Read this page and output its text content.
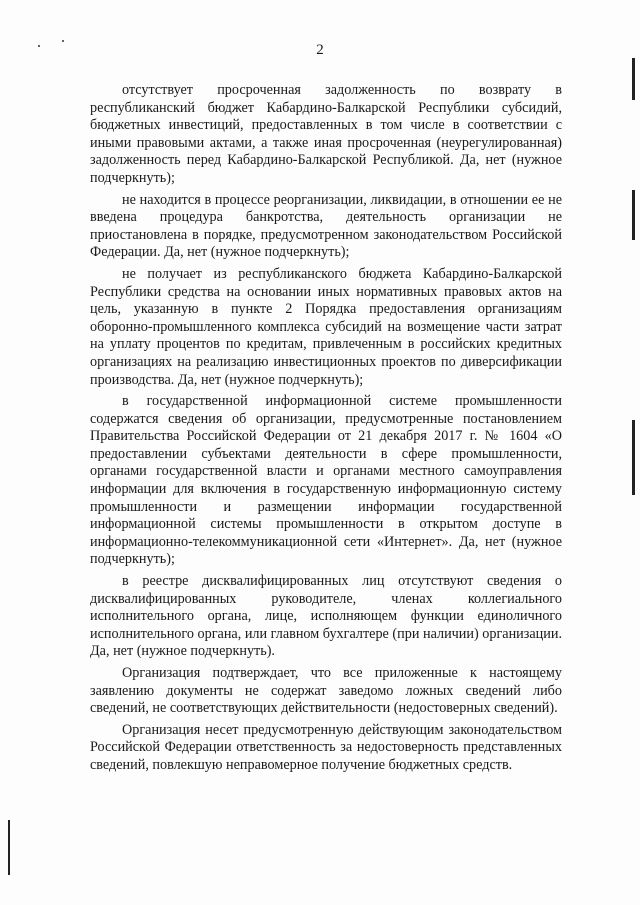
2

отсутствует просроченная задолженность по возврату в республиканский бюджет Кабардино-Балкарской Республики субсидий, бюджетных инвестиций, предоставленных в том числе в соответствии с иными правовыми актами, а также иная просроченная (неурегулированная) задолженность перед Кабардино-Балкарской Республикой. Да, нет (нужное подчеркнуть);

не находится в процессе реорганизации, ликвидации, в отношении ее не введена процедура банкротства, деятельность организации не приостановлена в порядке, предусмотренном законодательством Российской Федерации. Да, нет (нужное подчеркнуть);

не получает из республиканского бюджета Кабардино-Балкарской Республики средства на основании иных нормативных правовых актов на цель, указанную в пункте 2 Порядка предоставления организациям оборонно-промышленного комплекса субсидий на возмещение части затрат на уплату процентов по кредитам, привлеченным в российских кредитных организациях на реализацию инвестиционных проектов по диверсификации производства. Да, нет (нужное подчеркнуть);

в государственной информационной системе промышленности содержатся сведения об организации, предусмотренные постановлением Правительства Российской Федерации от 21 декабря 2017 г. № 1604 «О предоставлении субъектами деятельности в сфере промышленности, органами государственной власти и органами местного самоуправления информации для включения в государственную информационную систему промышленности и размещении информации государственной информационной системы промышленности в открытом доступе в информационно-телекоммуникационной сети «Интернет». Да, нет (нужное подчеркнуть);

в реестре дисквалифицированных лиц отсутствуют сведения о дисквалифицированных руководителе, членах коллегиального исполнительного органа, лице, исполняющем функции единоличного исполнительного органа, или главном бухгалтере (при наличии) организации. Да, нет (нужное подчеркнуть).

Организация подтверждает, что все приложенные к настоящему заявлению документы не содержат заведомо ложных сведений либо сведений, не соответствующих действительности (недостоверных сведений).

Организация несет предусмотренную действующим законодательством Российской Федерации ответственность за недостоверность представленных сведений, повлекшую неправомерное получение бюджетных средств.
